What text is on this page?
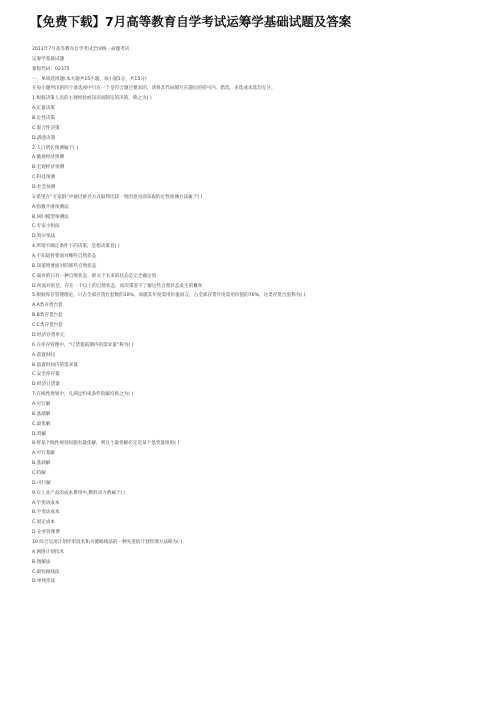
【免费下载】7月高等教育自学考试运筹学基础试题及答案
2011年7月高等教育自学考试全国统一命题考试
运筹学基础试题
课程代码：02375
一、单项选择题(本大题共15小题，每小题1分，共15分)
在每小题列出的四个备选项中只有一个是符合题目要求的，请将其代码填写在题后的括号内。错选、多选或未选均无分。
1.根据决策人员的主观经验或知识而制定的决策，称之为( )
A.定量决策
B.定性决策
C.混合性决策
D.满意决策
2.人口增长预测属于( )
A.微观经济预测
B.宏观经济预测
C.科技预测
D.社会预测
3.希望在“专家群”中通过匿名方式取得比较一致的意见而采取的定性预测方法属于( )
A.指数平滑预测法
B.回归模型预测法
C.专家小组法
D.特尔斐法
4.所谓不确定条件下的决策，是指决策者( )
A.不知道将要面对哪些自然状态
B.知道将要面对的那些自然状态
C.面对的只有一种自然状态，即关于未来的状态是完全确定的
D.所面对的是，存在一个以上的自然状态，而决策者不了解这些自然状态发生的概率
5.根据库存管理理论，只占全部存货台套数的10%，而就其年度需用价值而言，占全部存货年度需用价值的70%，这类存货台套称为( )
A.A类存货台套
B.B类存货台套
C.C类存货台套
D.经济存货单元
6.在库存管理中，“订货提前期内的需求量”称为( )
A.前置时间
B.前置时间内的需求量
C.安全库存量
D.经济订货量
7.在线性规划中，凡满足约束条件的解均称之为( )
A.可行解
B.基础解
C.最优解
D.特解
8.将某个线性规划问题有最优解，则这个最优解必定是某个基变量组的( )
A.可行基解
B.基础解
C.特解
D.可行解
9.在工业产品的成本费用中,燃料动力费属于( )
A.半变动成本
B.半变动成本
C.固定成本
D.企业管理费
10.综合运用计划评审技术和关键路线法的一种先进的计划管理方法称为( )
A.网络计划技术
B.图解法
C.最短路线法
D.单纯形法
